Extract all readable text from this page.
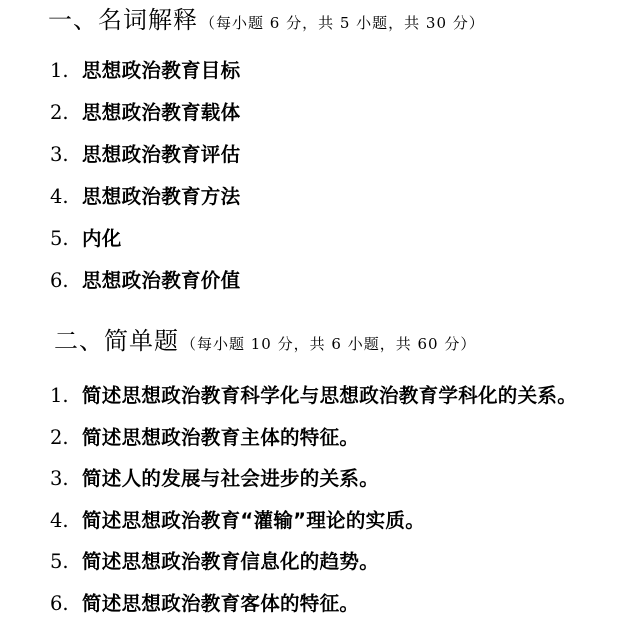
一、名词解释 （每小题 6 分，共 5 小题，共 30 分）
1. 思想政治教育目标
2. 思想政治教育载体
3. 思想政治教育评估
4. 思想政治教育方法
5. 内化
6. 思想政治教育价值
二、简单题 （每小题 10 分，共 6 小题，共 60 分）
1. 简述思想政治教育科学化与思想政治教育学科化的关系。
2. 简述思想政治教育主体的特征。
3. 简述人的发展与社会进步的关系。
4. 简述思想政治教育“灌输”理论的实质。
5. 简述思想政治教育信息化的趋势。
6. 简述思想政治教育客体的特征。
